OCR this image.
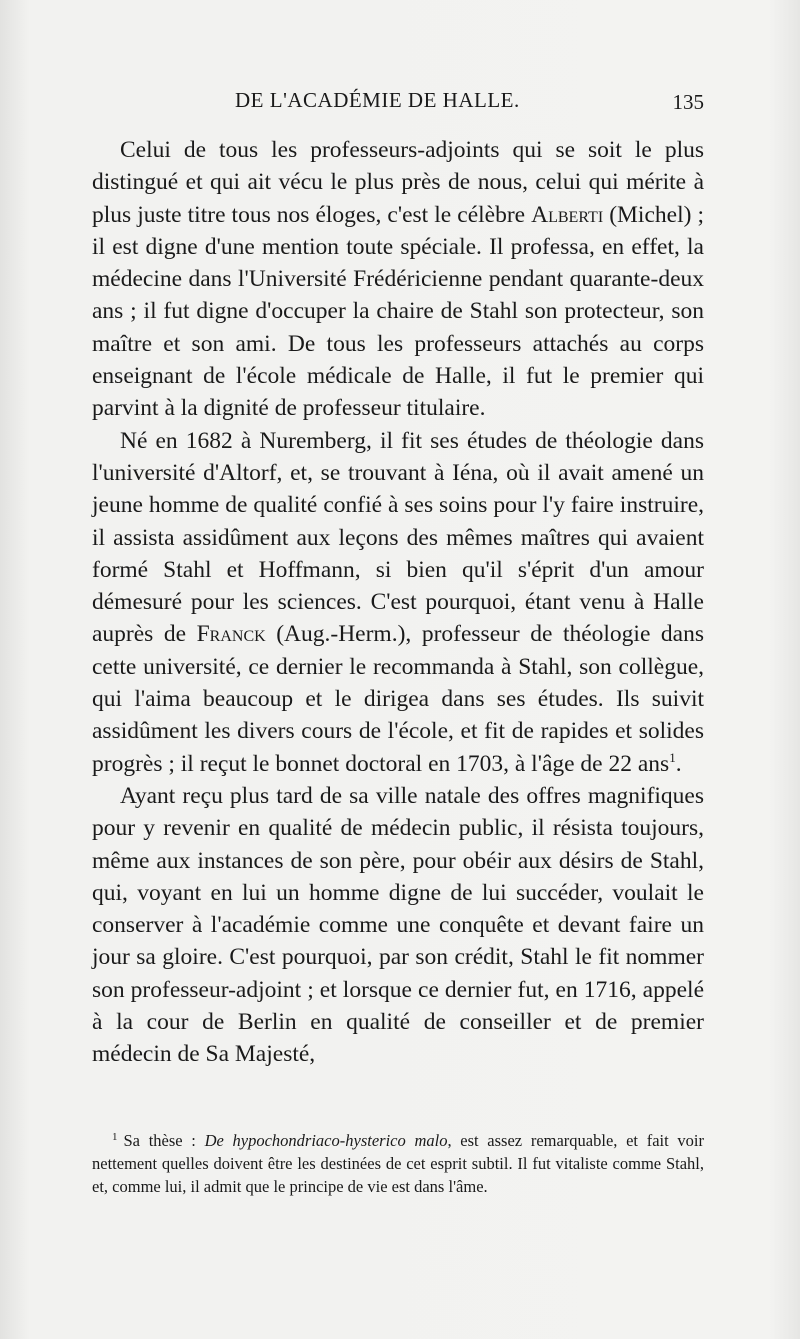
DE L'ACADÉMIE DE HALLE.	135

Celui de tous les professeurs-adjoints qui se soit le plus distingué et qui ait vécu le plus près de nous, celui qui mérite à plus juste titre tous nos éloges, c'est le célèbre Alberti (Michel) ; il est digne d'une mention toute spéciale. Il professa, en effet, la médecine dans l'Université Frédéricienne pendant quarante-deux ans ; il fut digne d'occuper la chaire de Stahl son protecteur, son maître et son ami. De tous les professeurs attachés au corps enseignant de l'école médicale de Halle, il fut le premier qui parvint à la dignité de professeur titulaire.

Né en 1682 à Nuremberg, il fit ses études de théologie dans l'université d'Altorf, et, se trouvant à Iéna, où il avait amené un jeune homme de qualité confié à ses soins pour l'y faire instruire, il assista assidûment aux leçons des mêmes maîtres qui avaient formé Stahl et Hoffmann, si bien qu'il s'éprit d'un amour démesuré pour les sciences. C'est pourquoi, étant venu à Halle auprès de Franck (Aug.-Herm.), professeur de théologie dans cette université, ce dernier le recommanda à Stahl, son collègue, qui l'aima beaucoup et le dirigea dans ses études. Ils suivit assidûment les divers cours de l'école, et fit de rapides et solides progrès ; il reçut le bonnet doctoral en 1703, à l'âge de 22 ans$^1$.

Ayant reçu plus tard de sa ville natale des offres magnifiques pour y revenir en qualité de médecin public, il résista toujours, même aux instances de son père, pour obéir aux désirs de Stahl, qui, voyant en lui un homme digne de lui succéder, voulait le conserver à l'académie comme une conquête et devant faire un jour sa gloire. C'est pourquoi, par son crédit, Stahl le fit nommer son professeur-adjoint ; et lorsque ce dernier fut, en 1716, appelé à la cour de Berlin en qualité de conseiller et de premier médecin de Sa Majesté,

$^1$ Sa thèse : De hypochondriaco-hysterico malo, est assez remarquable, et fait voir nettement quelles doivent être les destinées de cet esprit subtil. Il fut vitaliste comme Stahl, et, comme lui, il admit que le principe de vie est dans l'âme.
